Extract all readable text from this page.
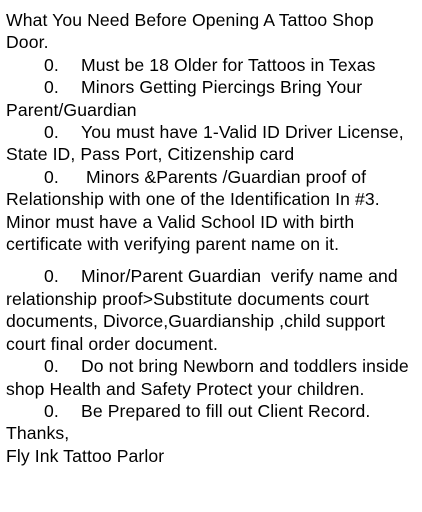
What You Need Before Opening A Tattoo Shop Door.

0. Must be 18 Older for Tattoos in Texas

0. Minors Getting Piercings Bring Your Parent/Guardian

0. You must have 1-Valid ID Driver License, State ID, Pass Port, Citizenship card

0. Minors &Parents /Guardian proof of Relationship with one of the Identification In #3. Minor must have a Valid School ID with birth certificate with verifying parent name on it.

0. Minor/Parent Guardian  verify name and relationship proof>Substitute documents court documents, Divorce,Guardianship ,child support court final order document.

0. Do not bring Newborn and toddlers inside shop Health and Safety Protect your children.

0. Be Prepared to fill out Client Record.

Thanks,

Fly Ink Tattoo Parlor
